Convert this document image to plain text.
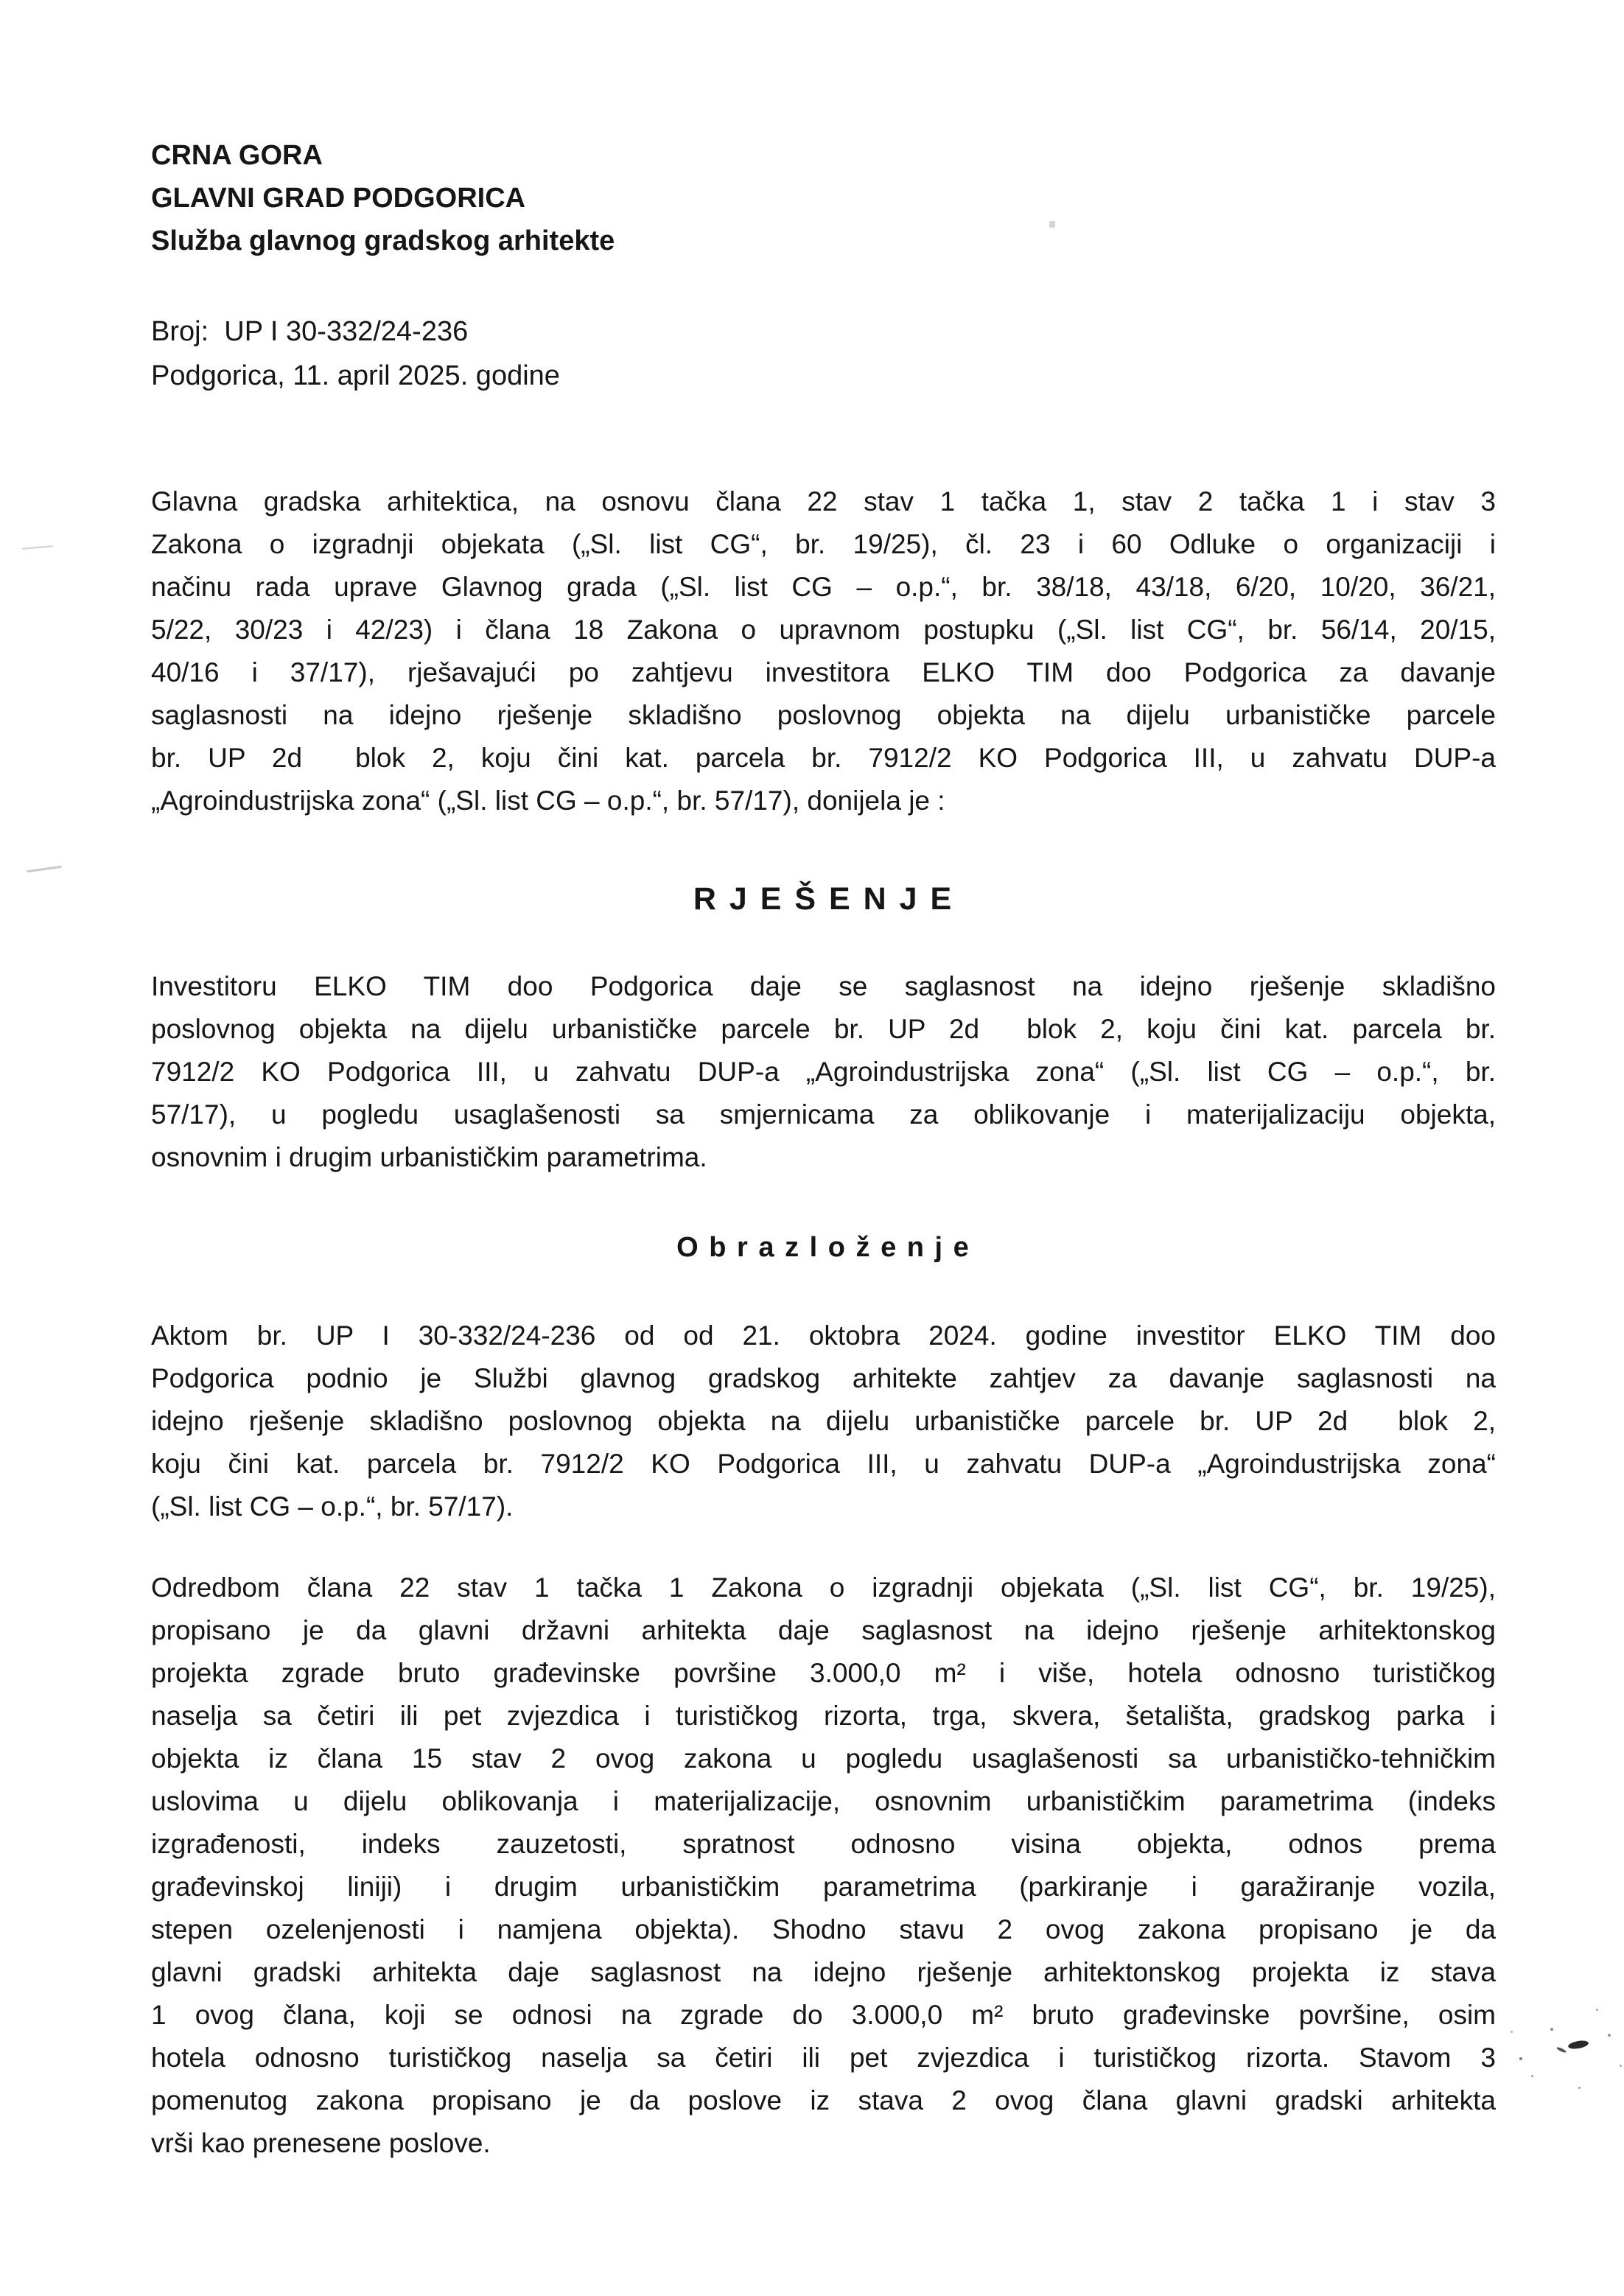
CRNA GORA
GLAVNI GRAD PODGORICA
Služba glavnog gradskog arhitekte
Broj:  UP I 30-332/24-236
Podgorica, 11. april 2025. godine
Glavna gradska arhitektica, na osnovu člana 22 stav 1 tačka 1, stav 2 tačka 1 i stav 3
Zakona o izgradnji objekata („Sl. list CG“, br. 19/25), čl. 23 i 60 Odluke o organizaciji i
načinu rada uprave Glavnog grada („Sl. list CG – o.p.“, br. 38/18, 43/18, 6/20, 10/20, 36/21,
5/22, 30/23 i 42/23) i člana 18 Zakona o upravnom postupku („Sl. list CG“, br. 56/14, 20/15,
40/16 i 37/17), rješavajući po zahtjevu investitora ELKO TIM doo Podgorica za davanje
saglasnosti na idejno rješenje skladišno poslovnog objekta na dijelu urbanističke parcele
br. UP 2d  blok 2, koju čini kat. parcela br. 7912/2 KO Podgorica III, u zahvatu DUP-a
„Agroindustrijska zona“ („Sl. list CG – o.p.“, br. 57/17), donijela je :
R J E Š E N J E
Investitoru ELKO TIM doo Podgorica daje se saglasnost na idejno rješenje skladišno
poslovnog objekta na dijelu urbanističke parcele br. UP 2d  blok 2, koju čini kat. parcela br.
7912/2 KO Podgorica III, u zahvatu DUP-a „Agroindustrijska zona“ („Sl. list CG – o.p.“, br.
57/17), u pogledu usaglašenosti sa smjernicama za oblikovanje i materijalizaciju objekta,
osnovnim i drugim urbanističkim parametrima.
O b r a z l o ž e n j e
Aktom br. UP I 30-332/24-236 od od 21. oktobra 2024. godine investitor ELKO TIM doo
Podgorica podnio je Službi glavnog gradskog arhitekte zahtjev za davanje saglasnosti na
idejno rješenje skladišno poslovnog objekta na dijelu urbanističke parcele br. UP 2d  blok 2,
koju čini kat. parcela br. 7912/2 KO Podgorica III, u zahvatu DUP-a „Agroindustrijska zona“
(„Sl. list CG – o.p.“, br. 57/17).
Odredbom člana 22 stav 1 tačka 1 Zakona o izgradnji objekata („Sl. list CG“, br. 19/25),
propisano je da glavni državni arhitekta daje saglasnost na idejno rješenje arhitektonskog
projekta zgrade bruto građevinske površine 3.000,0 m² i više, hotela odnosno turističkog
naselja sa četiri ili pet zvjezdica i turističkog rizorta, trga, skvera, šetališta, gradskog parka i
objekta iz člana 15 stav 2 ovog zakona u pogledu usaglašenosti sa urbanističko-tehničkim
uslovima u dijelu oblikovanja i materijalizacije, osnovnim urbanističkim parametrima (indeks
izgrađenosti, indeks zauzetosti, spratnost odnosno visina objekta, odnos prema
građevinskoj liniji) i drugim urbanističkim parametrima (parkiranje i garažiranje vozila,
stepen ozelenjenosti i namjena objekta). Shodno stavu 2 ovog zakona propisano je da
glavni gradski arhitekta daje saglasnost na idejno rješenje arhitektonskog projekta iz stava
1 ovog člana, koji se odnosi na zgrade do 3.000,0 m² bruto građevinske površine, osim
hotela odnosno turističkog naselja sa četiri ili pet zvjezdica i turističkog rizorta. Stavom 3
pomenutog zakona propisano je da poslove iz stava 2 ovog člana glavni gradski arhitekta
vrši kao prenesene poslove.
